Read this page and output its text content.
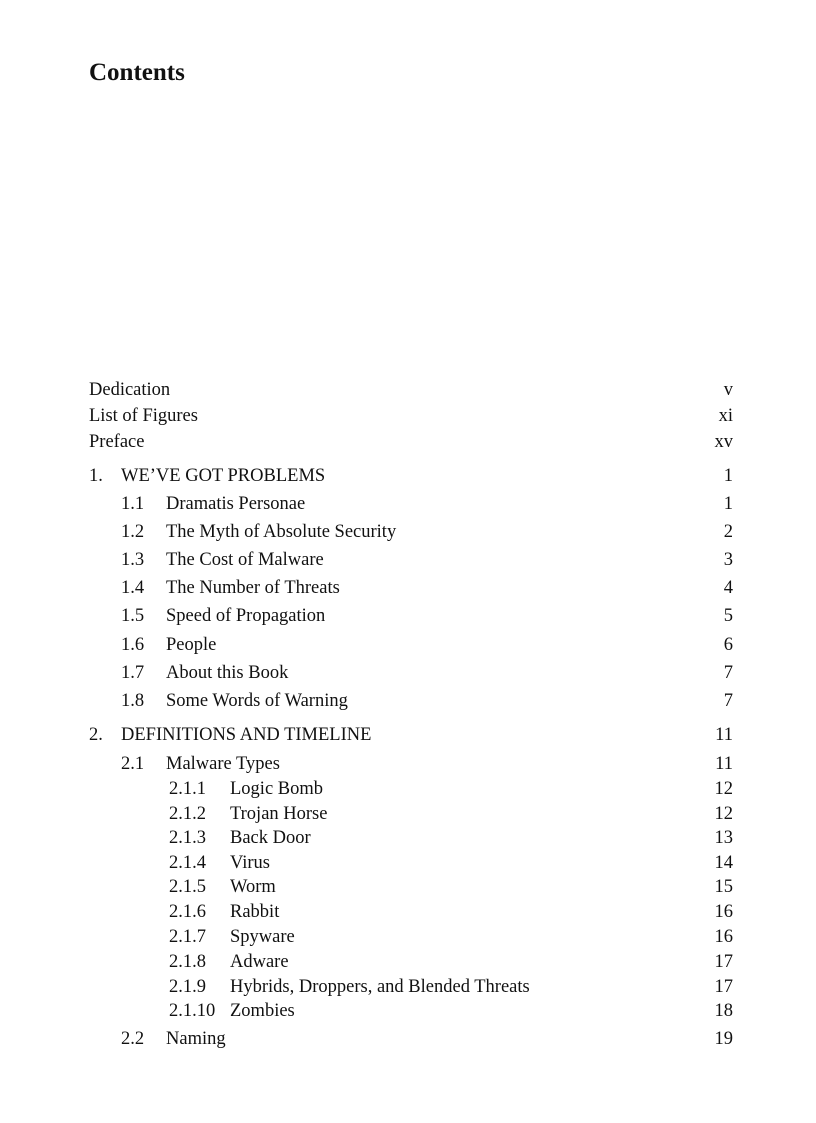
Contents
Dedication	v
List of Figures	xi
Preface	xv
1. WE’VE GOT PROBLEMS	1
1.1 Dramatis Personae	1
1.2 The Myth of Absolute Security	2
1.3 The Cost of Malware	3
1.4 The Number of Threats	4
1.5 Speed of Propagation	5
1.6 People	6
1.7 About this Book	7
1.8 Some Words of Warning	7
2. DEFINITIONS AND TIMELINE	11
2.1 Malware Types	11
2.1.1 Logic Bomb	12
2.1.2 Trojan Horse	12
2.1.3 Back Door	13
2.1.4 Virus	14
2.1.5 Worm	15
2.1.6 Rabbit	16
2.1.7 Spyware	16
2.1.8 Adware	17
2.1.9 Hybrids, Droppers, and Blended Threats	17
2.1.10 Zombies	18
2.2 Naming	19
